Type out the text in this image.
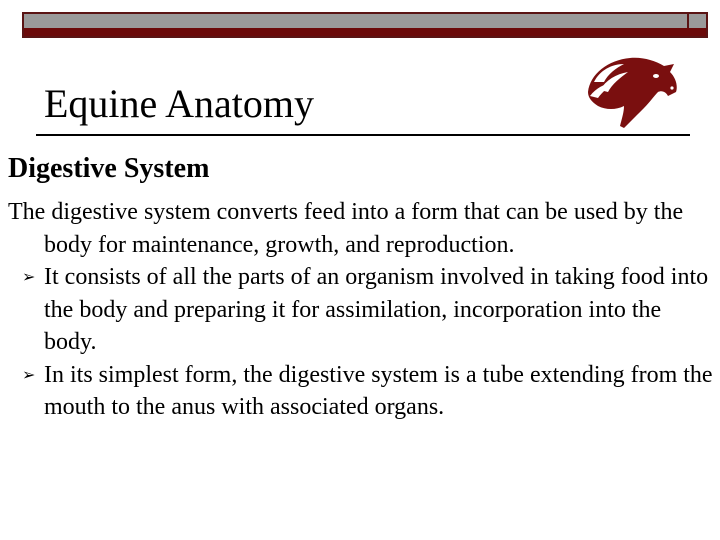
Equine Anatomy
Digestive System

The digestive system converts feed into a form that can be used by the body for maintenance, growth, and reproduction.

➢ It consists of all the parts of an organism involved in taking food into the body and preparing it for assimilation, incorporation into the body.
➢ In its simplest form, the digestive system is a tube extending from the mouth to the anus with associated organs.
